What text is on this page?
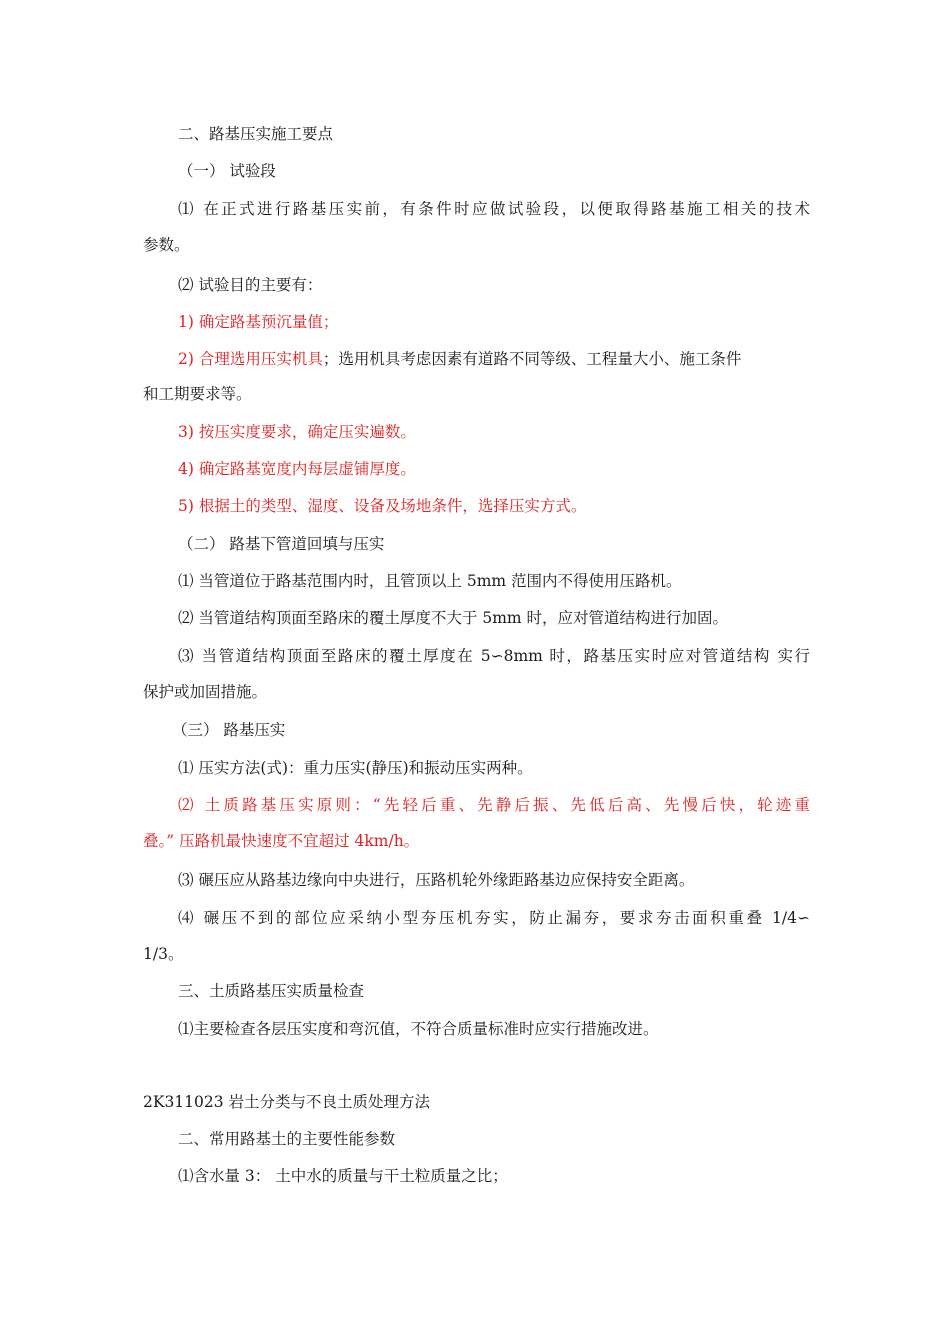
二、路基压实施工要点
（一） 试验段
⑴ 在正式进行路基压实前，有条件时应做试验段，以便取得路基施工相关的技术
参数。
⑵ 试验目的主要有：
1) 确定路基预沉量值；
2) 合理选用压实机具；选用机具考虑因素有道路不同等级、工程量大小、施工条件
和工期要求等。
3) 按压实度要求，确定压实遍数。
4) 确定路基宽度内每层虚铺厚度。
5) 根据土的类型、湿度、设备及场地条件，选择压实方式。
（二） 路基下管道回填与压实
⑴ 当管道位于路基范围内时，且管顶以上 5mm 范围内不得使用压路机。
⑵ 当管道结构顶面至路床的覆土厚度不大于 5mm 时，应对管道结构进行加固。
⑶ 当管道结构顶面至路床的覆土厚度在 5∽8mm 时，路基压实时应对管道结构 实行
保护或加固措施。
（三） 路基压实
⑴ 压实方法(式)：重力压实(静压)和振动压实两种。
⑵ 土质路基压实原则：“先轻后重、先静后振、先低后高、先慢后快，轮迹重
叠。” 压路机最快速度不宜超过 4km/h。
⑶ 碾压应从路基边缘向中央进行，压路机轮外缘距路基边应保持安全距离。
⑷ 碾压不到的部位应采纳小型夯压机夯实，防止漏夯，要求夯击面积重叠 1/4∽
1/3。
三、土质路基压实质量检查
⑴主要检查各层压实度和弯沉值，不符合质量标准时应实行措施改进。
2K311023 岩土分类与不良土质处理方法
二、常用路基土的主要性能参数
⑴含水量 3： 土中水的质量与干土粒质量之比；
